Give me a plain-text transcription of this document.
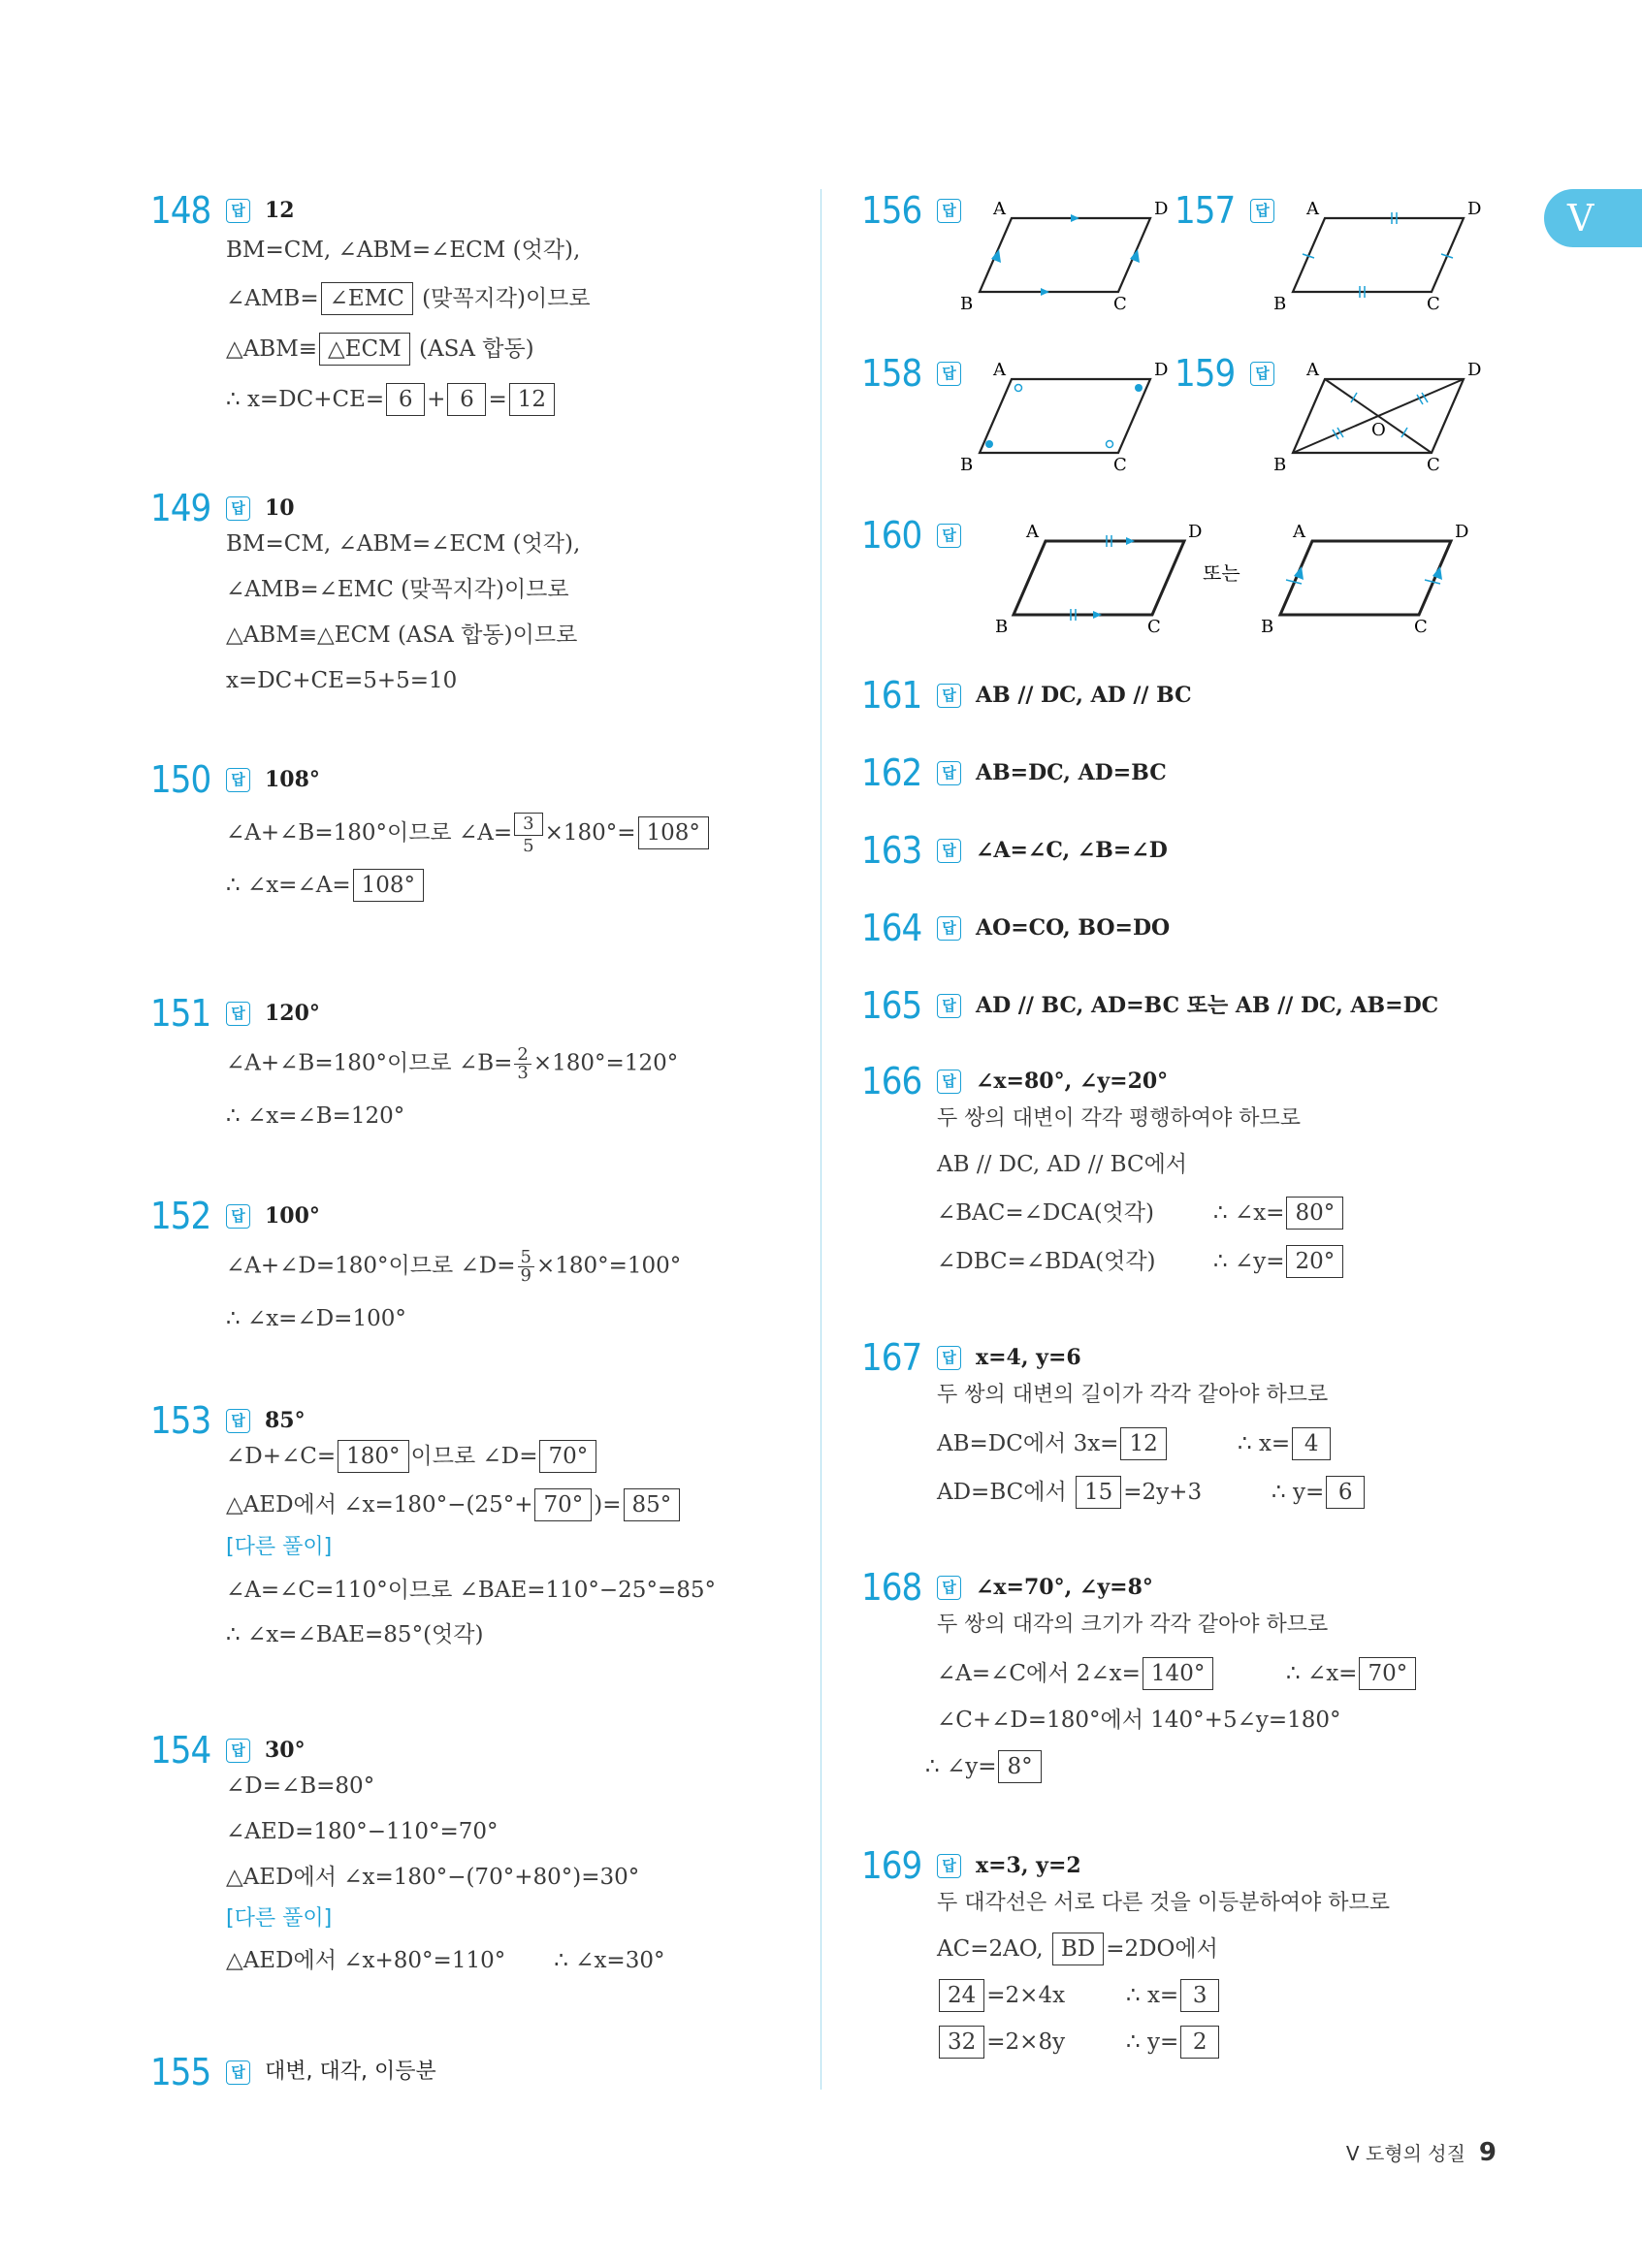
V
148	답 12
BM=CM, ∠ABM=∠ECM (엇각),
∠AMB= ∠EMC (맞꼭지각)이므로
△ABM≡ △ECM (ASA 합동)
∴ x=DC+CE= 6 + 6 = 12
149	답 10
BM=CM, ∠ABM=∠ECM (엇각),
∠AMB=∠EMC (맞꼭지각)이므로
△ABM≡△ECM (ASA 합동)이므로
x=DC+CE=5+5=10
150	답 108°
∠A+∠B=180°이므로 ∠A= $\frac{3}{5} \times 180^\circ= 108^\circ$
∴ ∠x=∠A= 108°
151	답 120°
∠A+∠B=180°이므로 ∠B= $\frac{2}{3} \times 180^\circ=120^\circ$
∴ ∠x=∠B=120°
152	답 100°
∠A+∠D=180°이므로 ∠D= $\frac{5}{9} \times 180^\circ=100^\circ$
∴ ∠x=∠D=100°
153	답 85°
∠D+∠C= 180° 이므로 ∠D= 70°
△AED에서 ∠x=180°−(25°+ 70° )= 85°
[다른 풀이]
∠A=∠C=110°이므로 ∠BAE=110°−25°=85°
∴ ∠x=∠BAE=85°(엇각)
154	답 30°
∠D=∠B=80°
∠AED=180°−110°=70°
△AED에서 ∠x=180°−(70°+80°)=30°
[다른 풀이]
△AED에서 ∠x+80°=110° ∴ ∠x=30°
155	답 대변, 대각, 이등분
156	답 A	D
B	C
157	답 A	D
B	C
158	답 A	D
B	C
159	답 A	D
B	C
O
160	답	A	D
B	C
또는
A	D
B	C
161	답 AB // DC, AD // BC
162	답 AB=DC, AD=BC
163	답 ∠A=∠C, ∠B=∠D
164	답 AO=CO, BO=DO
165	답 AD // BC, AD=BC 또는 AB // DC, AB=DC
166	답 ∠x=80°, ∠y=20°
두 쌍의 대변이 각각 평행하여야 하므로
AB // DC, AD // BC에서
∠BAC=∠DCA(엇각)	∴ ∠x= 80°
∠DBC=∠BDA(엇각)	∴ ∠y= 20°
167	답 x=4, y=6
두 쌍의 대변의 길이가 각각 같아야 하므로
AB=DC에서 3x= 12	∴ x= 4
AD=BC에서 15 =2y+3	∴ y= 6
168	답 ∠x=70°, ∠y=8°
두 쌍의 대각의 크기가 각각 같아야 하므로
∠A=∠C에서 2∠x= 140°	∴ ∠x= 70°
∠C+∠D=180°에서 140°+5∠y=180°
∴ ∠y= 8°
169	답 x=3, y=2
두 대각선은 서로 다른 것을 이등분하여야 하므로
AC=2AO, BD =2DO에서
24 =2×4x	∴ x= 3
32 =2×8y	∴ y= 2
V 도형의 성질 9
